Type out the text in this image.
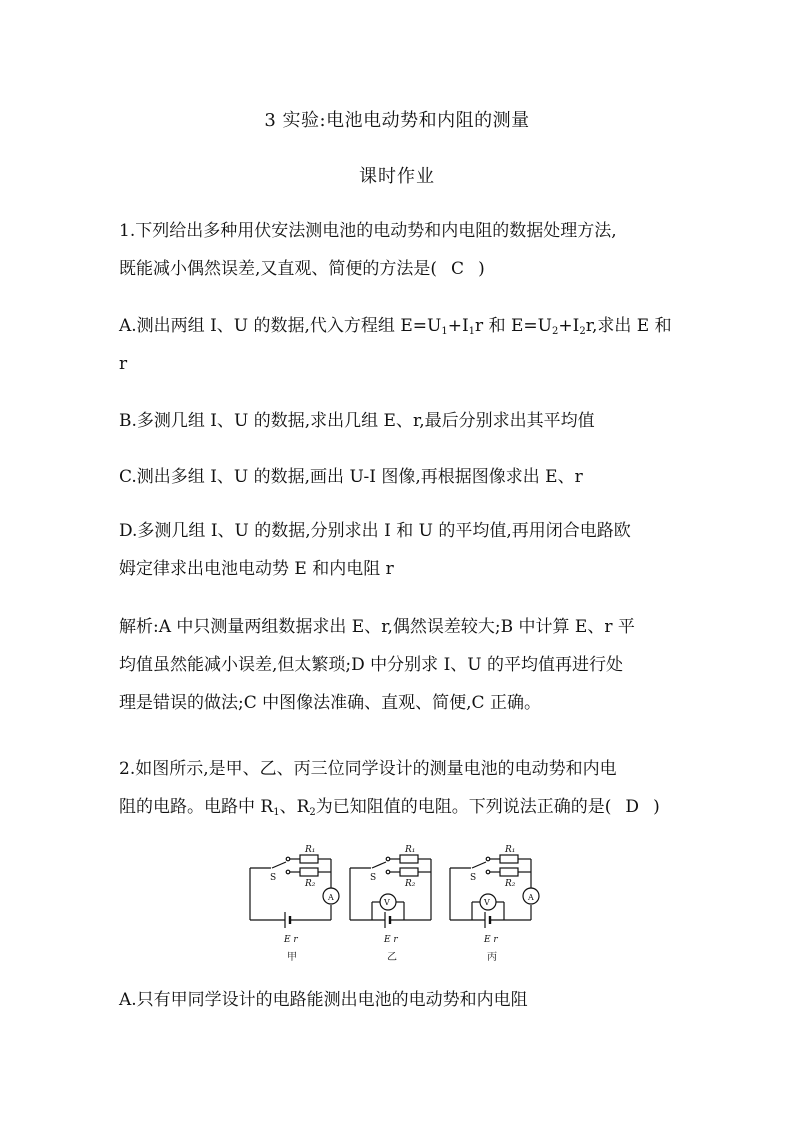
3 实验:电池电动势和内阻的测量
课时作业

1.下列给出多种用伏安法测电池的电动势和内电阻的数据处理方法,

既能减小偶然误差,又直观、简便的方法是( C )

A.测出两组 I、U 的数据,代入方程组 $E=U_1+I_1r$ 和 $E=U_2+I_2r$,求出 E 和

r

B.多测几组 I、U 的数据,求出几组 E、r,最后分别求出其平均值
C.测出多组 I、U 的数据,画出 U-I 图像,再根据图像求出 E、r

D.多测几组 I、U 的数据,分别求出 I 和 U 的平均值,再用闭合电路欧

姆定律求出电池电动势 E 和内电阻 r

解析:A 中只测量两组数据求出 E、r,偶然误差较大;B 中计算 E、r 平

均值虽然能减小误差,但太繁琐;D 中分别求 I、U 的平均值再进行处

理是错误的做法;C 中图像法准确、直观、简便,C 正确。

2.如图所示,是甲、乙、丙三位同学设计的测量电池的电动势和内电

阻的电路。电路中 $R_1$、$R_2$为已知阻值的电阻。下列说法正确的是( D )

R₁
R₂
S
A
E r
R₁
R₂
S
V
E r
R₁
R₂
S
A
V
E r
甲	乙	丙
A.只有甲同学设计的电路能测出电池的电动势和内电阻
